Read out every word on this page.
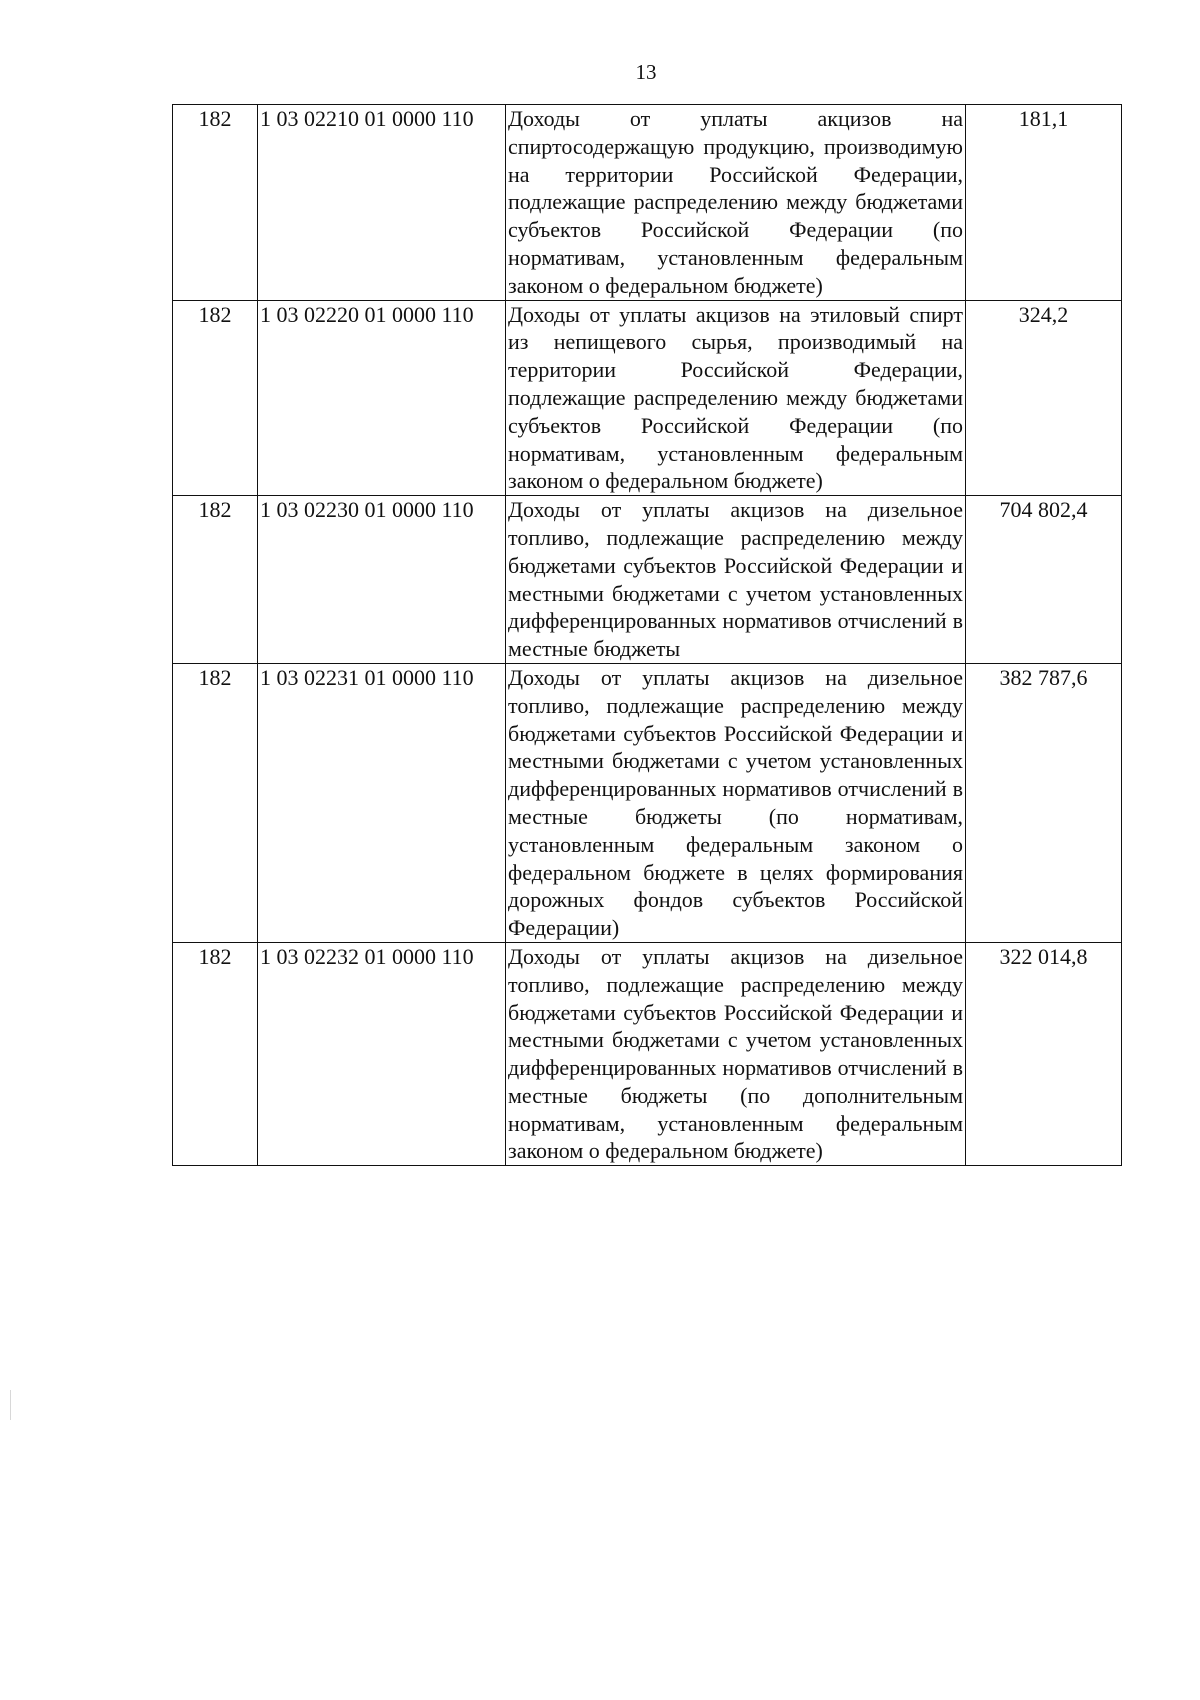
13
182	1 03 02210 01 0000 110	Доходы от уплаты акцизов на спиртосодержащую продукцию, производимую на территории Российской Федерации, подлежащие распределению между бюджетами субъектов Российской Федерации (по нормативам, установленным федеральным законом о федеральном бюджете)	181,1
182	1 03 02220 01 0000 110	Доходы от уплаты акцизов на этиловый спирт из непищевого сырья, производимый на территории Российской Федерации, подлежащие распределению между бюджетами субъектов Российской Федерации (по нормативам, установленным федеральным законом о федеральном бюджете)	324,2
182	1 03 02230 01 0000 110	Доходы от уплаты акцизов на дизельное топливо, подлежащие распределению между бюджетами субъектов Российской Федерации и местными бюджетами с учетом установленных дифференцированных нормативов отчислений в местные бюджеты	704 802,4
182	1 03 02231 01 0000 110	Доходы от уплаты акцизов на дизельное топливо, подлежащие распределению между бюджетами субъектов Российской Федерации и местными бюджетами с учетом установленных дифференцированных нормативов отчислений в местные бюджеты (по нормативам, установленным федеральным законом о федеральном бюджете в целях формирования дорожных фондов субъектов Российской Федерации)	382 787,6
182	1 03 02232 01 0000 110	Доходы от уплаты акцизов на дизельное топливо, подлежащие распределению между бюджетами субъектов Российской Федерации и местными бюджетами с учетом установленных дифференцированных нормативов отчислений в местные бюджеты (по дополнительным нормативам, установленным федеральным законом о федеральном бюджете)	322 014,8
